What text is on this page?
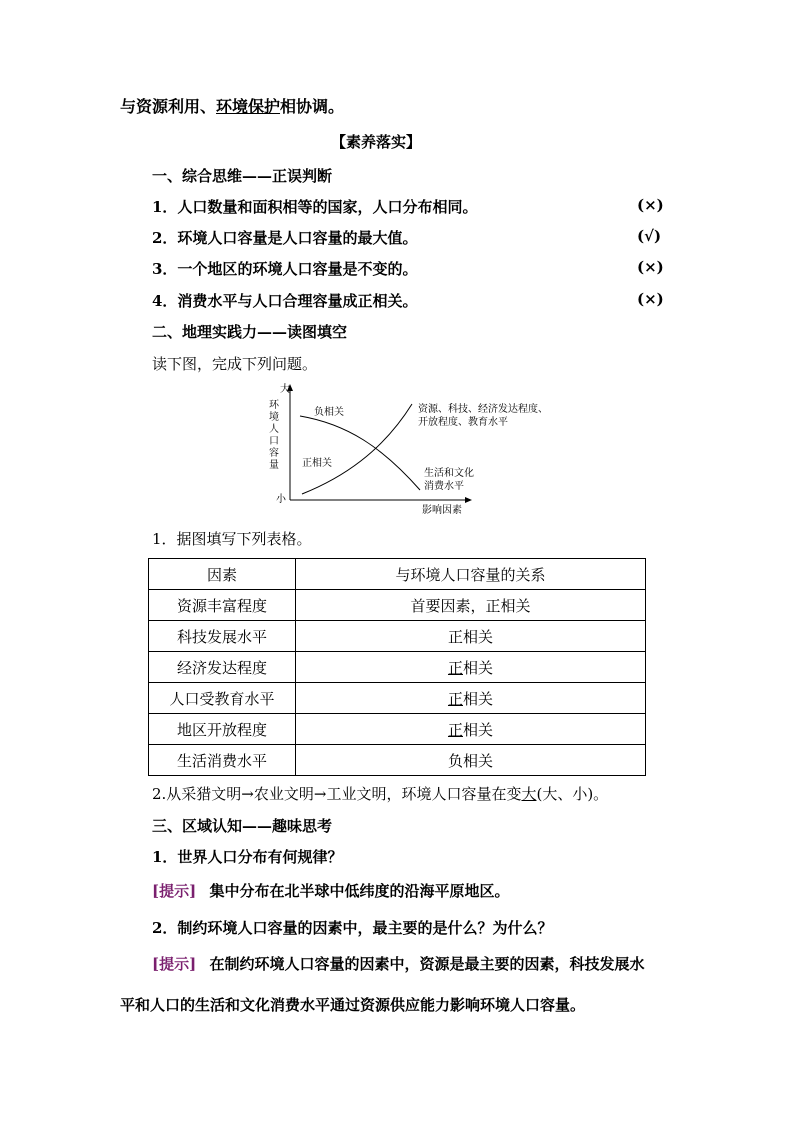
与资源利用、环境保护相协调。
【素养落实】
一、综合思维——正误判断
1．人口数量和面积相等的国家，人口分布相同。	(×)
2．环境人口容量是人口容量的最大值。	(√)
3．一个地区的环境人口容量是不变的。	(×)
4．消费水平与人口合理容量成正相关。	(×)
二、地理实践力——读图填空
读下图，完成下列问题。
大
小
环
境
人
口
容
量
影响因素
负相关
正相关
资源、科技、经济发达程度、
开放程度、教育水平
生活和文化
消费水平
1．据图填写下列表格。
因素	与环境人口容量的关系
资源丰富程度	首要因素，正相关
科技发展水平	正相关
经济发达程度	正相关
人口受教育水平	正相关
地区开放程度	正相关
生活消费水平	负相关
2.从采猎文明→农业文明→工业文明，环境人口容量在变大(大、小)。
三、区域认知——趣味思考
1．世界人口分布有何规律？
[提示] 集中分布在北半球中低纬度的沿海平原地区。
2．制约环境人口容量的因素中，最主要的是什么？为什么？
[提示] 在制约环境人口容量的因素中，资源是最主要的因素，科技发展水
平和人口的生活和文化消费水平通过资源供应能力影响环境人口容量。
